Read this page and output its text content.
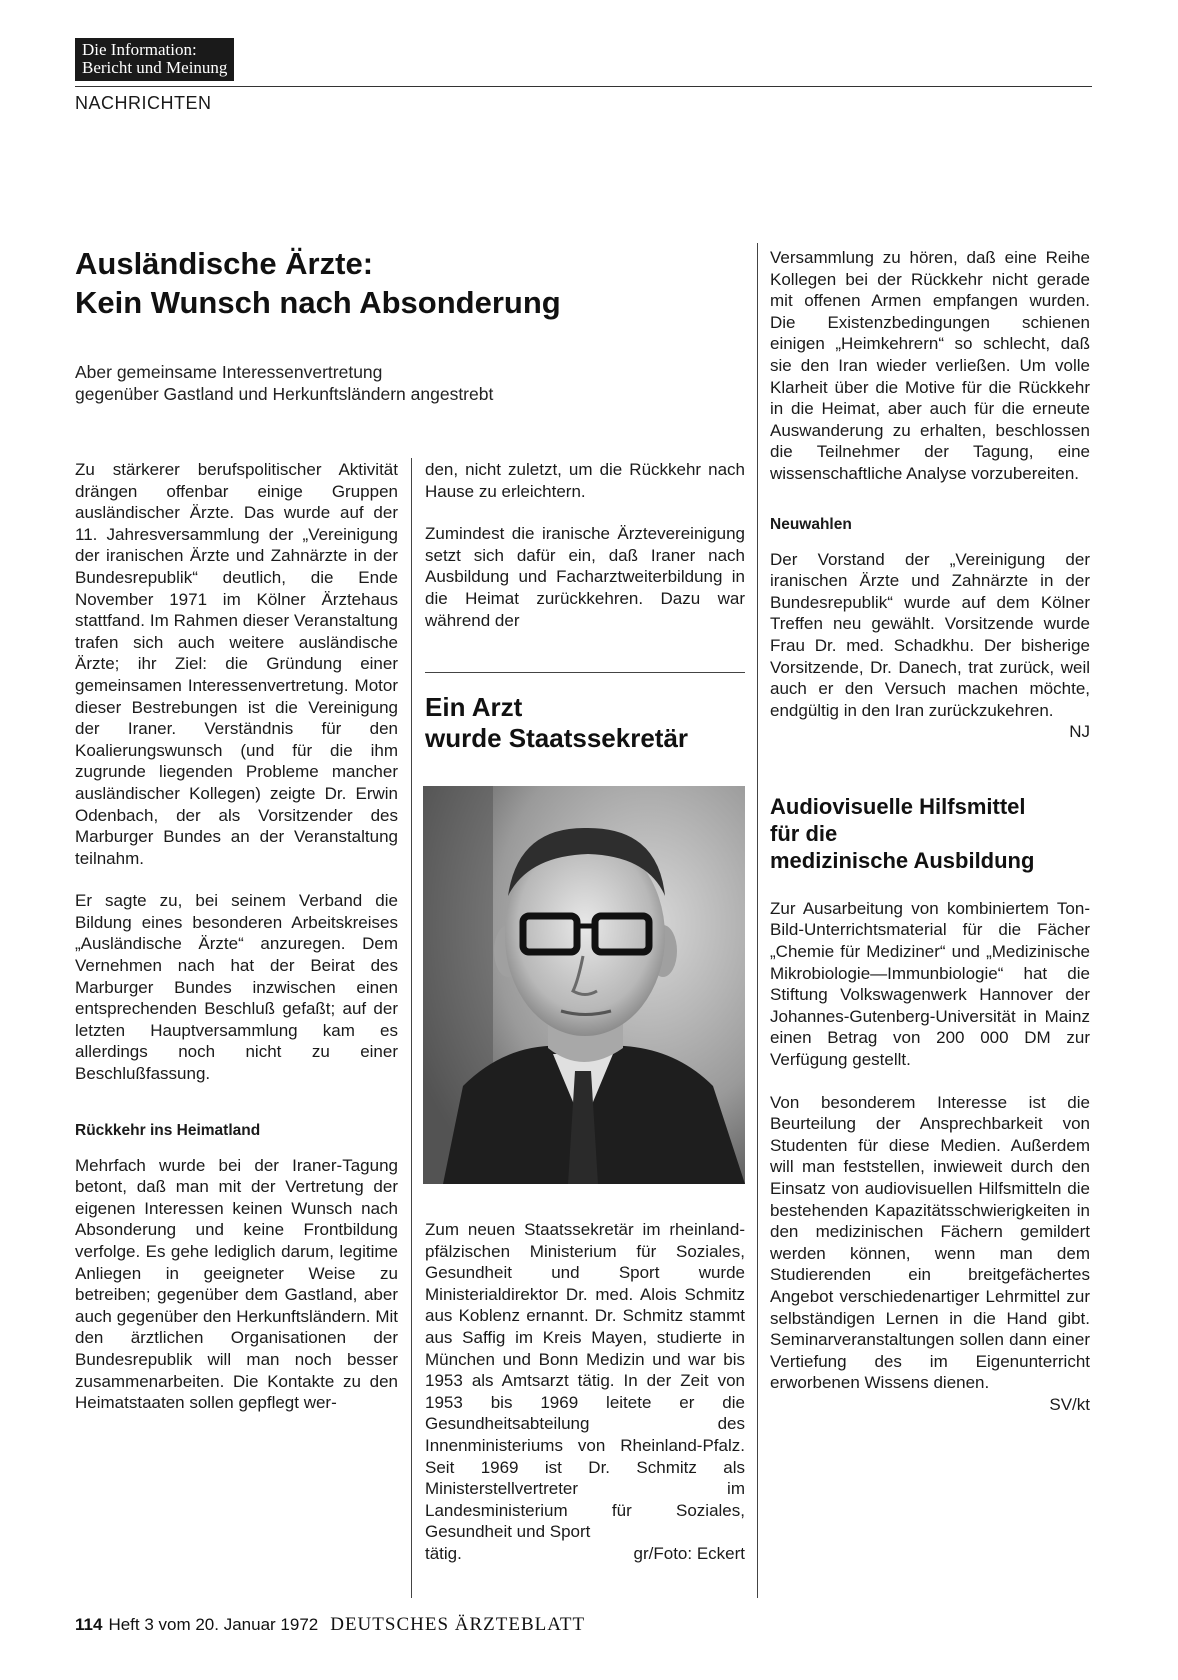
Die Information:
Bericht und Meinung
NACHRICHTEN
Ausländische Ärzte:
Kein Wunsch nach Absonderung
Aber gemeinsame Interessenvertretung
gegenüber Gastland und Herkunftsländern angestrebt

Zu stärkerer berufspolitischer Aktivität drängen offenbar einige Gruppen ausländischer Ärzte. Das wurde auf der 11. Jahresversammlung der „Vereinigung der iranischen Ärzte und Zahnärzte in der Bundesrepublik“ deutlich, die Ende November 1971 im Kölner Ärztehaus stattfand. Im Rahmen dieser Veranstaltung trafen sich auch weitere ausländische Ärzte; ihr Ziel: die Gründung einer gemeinsamen Interessenvertretung. Motor dieser Bestrebungen ist die Vereinigung der Iraner. Verständnis für den Koalierungswunsch (und für die ihm zugrunde liegenden Probleme mancher ausländischer Kollegen) zeigte Dr. Erwin Odenbach, der als Vorsitzender des Marburger Bundes an der Veranstaltung teilnahm.

Er sagte zu, bei seinem Verband die Bildung eines besonderen Arbeitskreises „Ausländische Ärzte“ anzuregen. Dem Vernehmen nach hat der Beirat des Marburger Bundes inzwischen einen entsprechenden Beschluß gefaßt; auf der letzten Hauptversammlung kam es allerdings noch nicht zu einer Beschlußfassung.

Rückkehr ins Heimatland

Mehrfach wurde bei der Iraner-Tagung betont, daß man mit der Vertretung der eigenen Interessen keinen Wunsch nach Absonderung und keine Frontbildung verfolge. Es gehe lediglich darum, legitime Anliegen in geeigneter Weise zu betreiben; gegenüber dem Gastland, aber auch gegenüber den Herkunftsländern. Mit den ärztlichen Organisationen der Bundesrepublik will man noch besser zusammenarbeiten. Die Kontakte zu den Heimatstaaten sollen gepflegt wer-

den, nicht zuletzt, um die Rückkehr nach Hause zu erleichtern.

Zumindest die iranische Ärztevereinigung setzt sich dafür ein, daß Iraner nach Ausbildung und Facharztweiterbildung in die Heimat zurückkehren. Dazu war während der

Ein Arzt
wurde Staatssekretär

Zum neuen Staatssekretär im rheinland-pfälzischen Ministerium für Soziales, Gesundheit und Sport wurde Ministerialdirektor Dr. med. Alois Schmitz aus Koblenz ernannt. Dr. Schmitz stammt aus Saffig im Kreis Mayen, studierte in München und Bonn Medizin und war bis 1953 als Amtsarzt tätig. In der Zeit von 1953 bis 1969 leitete er die Gesundheitsabteilung des Innenministeriums von Rheinland-Pfalz. Seit 1969 ist Dr. Schmitz als Ministerstellvertreter im Landesministerium für Soziales, Gesundheit und Sport

tätig.	gr/Foto: Eckert

Versammlung zu hören, daß eine Reihe Kollegen bei der Rückkehr nicht gerade mit offenen Armen empfangen wurden. Die Existenzbedingungen schienen einigen „Heimkehrern“ so schlecht, daß sie den Iran wieder verließen. Um volle Klarheit über die Motive für die Rückkehr in die Heimat, aber auch für die erneute Auswanderung zu erhalten, beschlossen die Teilnehmer der Tagung, eine wissenschaftliche Analyse vorzubereiten.

Neuwahlen

Der Vorstand der „Vereinigung der iranischen Ärzte und Zahnärzte in der Bundesrepublik“ wurde auf dem Kölner Treffen neu gewählt. Vorsitzende wurde Frau Dr. med. Schadkhu. Der bisherige Vorsitzende, Dr. Danech, trat zurück, weil auch er den Versuch machen möchte, endgültig in den Iran zurückzukehren.

NJ
Audiovisuelle Hilfsmittel
für die
medizinische Ausbildung

Zur Ausarbeitung von kombiniertem Ton-Bild-Unterrichtsmaterial für die Fächer „Chemie für Mediziner“ und „Medizinische Mikrobiologie—Immunbiologie“ hat die Stiftung Volkswagenwerk Hannover der Johannes-Gutenberg-Universität in Mainz einen Betrag von 200 000 DM zur Verfügung gestellt.

Von besonderem Interesse ist die Beurteilung der Ansprechbarkeit von Studenten für diese Medien. Außerdem will man feststellen, inwieweit durch den Einsatz von audiovisuellen Hilfsmitteln die bestehenden Kapazitätsschwierigkeiten in den medizinischen Fächern gemildert werden können, wenn man dem Studierenden ein breitgefächertes Angebot verschiedenartiger Lehrmittel zur selbständigen Lernen in die Hand gibt. Seminarveranstaltungen sollen dann einer Vertiefung des im Eigenunterricht erworbenen Wissens dienen.

SV/kt
114 Heft 3 vom 20. Januar 1972 DEUTSCHES ÄRZTEBLATT
